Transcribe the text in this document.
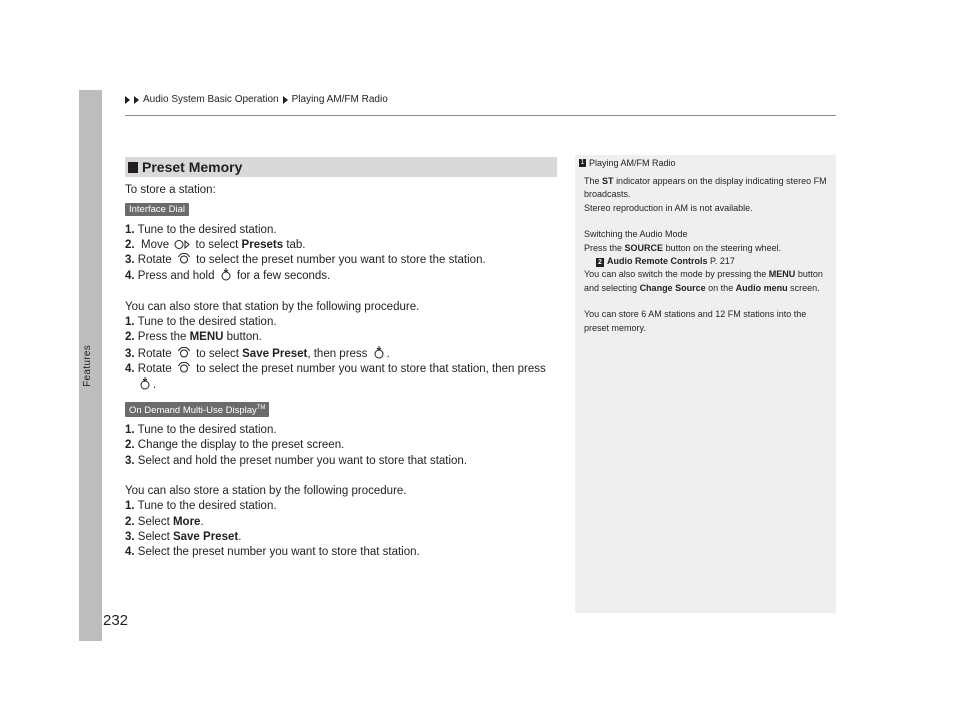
Features
Audio System Basic Operation Playing AM/FM Radio
Preset Memory

To store a station:

Interface Dial

1. Tune to the desired station.

2. Move to select Presets tab.

3. Rotate to select the preset number you want to store the station.

4. Press and hold for a few seconds.

You can also store that station by the following procedure.

1. Tune to the desired station.

2. Press the MENU button.

3. Rotate to select Save Preset, then press .

4. Rotate to select the preset number you want to store that station, then press
.

On Demand Multi-Use Display™

1. Tune to the desired station.

2. Change the display to the preset screen.

3. Select and hold the preset number you want to store that station.

You can also store a station by the following procedure.

1. Tune to the desired station.

2. Select More.

3. Select Save Preset.

4. Select the preset number you want to store that station.

1 Playing AM/FM Radio

The ST indicator appears on the display indicating stereo FM broadcasts.

Stereo reproduction in AM is not available.

Switching the Audio Mode

Press the SOURCE button on the steering wheel.

2 Audio Remote Controls P. 217

You can also switch the mode by pressing the MENU button and selecting Change Source on the Audio menu screen.

You can store 6 AM stations and 12 FM stations into the preset memory.

232
